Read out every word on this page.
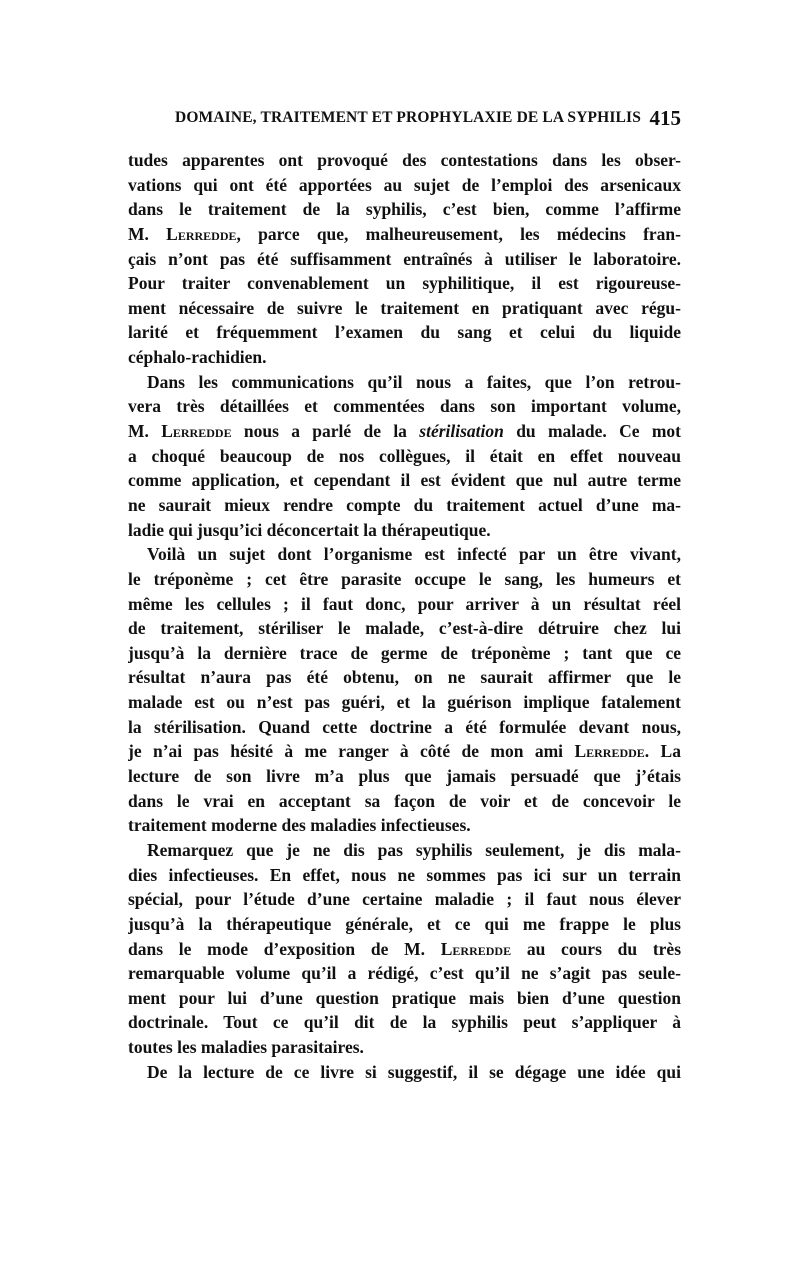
DOMAINE, TRAITEMENT ET PROPHYLAXIE DE LA SYPHILIS 415
tudes apparentes ont provoqué des contestations dans les obser-
vations qui ont été apportées au sujet de l’emploi des arsenicaux
dans le traitement de la syphilis, c’est bien, comme l’affirme
M. Lerredde, parce que, malheureusement, les médecins fran-
çais n’ont pas été suffisamment entraînés à utiliser le laboratoire.
Pour traiter convenablement un syphilitique, il est rigoureuse-
ment nécessaire de suivre le traitement en pratiquant avec régu-
larité et fréquemment l’examen du sang et celui du liquide
céphalo-rachidien.
Dans les communications qu’il nous a faites, que l’on retrou-
vera très détaillées et commentées dans son important volume,
M. Lerredde nous a parlé de la stérilisation du malade. Ce mot
a choqué beaucoup de nos collègues, il était en effet nouveau
comme application, et cependant il est évident que nul autre terme
ne saurait mieux rendre compte du traitement actuel d’une ma-
ladie qui jusqu’ici déconcertait la thérapeutique.
Voilà un sujet dont l’organisme est infecté par un être vivant,
le tréponème ; cet être parasite occupe le sang, les humeurs et
même les cellules ; il faut donc, pour arriver à un résultat réel
de traitement, stériliser le malade, c’est-à-dire détruire chez lui
jusqu’à la dernière trace de germe de tréponème ; tant que ce
résultat n’aura pas été obtenu, on ne saurait affirmer que le
malade est ou n’est pas guéri, et la guérison implique fatalement
la stérilisation. Quand cette doctrine a été formulée devant nous,
je n’ai pas hésité à me ranger à côté de mon ami Lerredde. La
lecture de son livre m’a plus que jamais persuadé que j’étais
dans le vrai en acceptant sa façon de voir et de concevoir le
traitement moderne des maladies infectieuses.
Remarquez que je ne dis pas syphilis seulement, je dis mala-
dies infectieuses. En effet, nous ne sommes pas ici sur un terrain
spécial, pour l’étude d’une certaine maladie ; il faut nous élever
jusqu’à la thérapeutique générale, et ce qui me frappe le plus
dans le mode d’exposition de M. Lerredde au cours du très
remarquable volume qu’il a rédigé, c’est qu’il ne s’agit pas seule-
ment pour lui d’une question pratique mais bien d’une question
doctrinale. Tout ce qu’il dit de la syphilis peut s’appliquer à
toutes les maladies parasitaires.
De la lecture de ce livre si suggestif, il se dégage une idée qui
